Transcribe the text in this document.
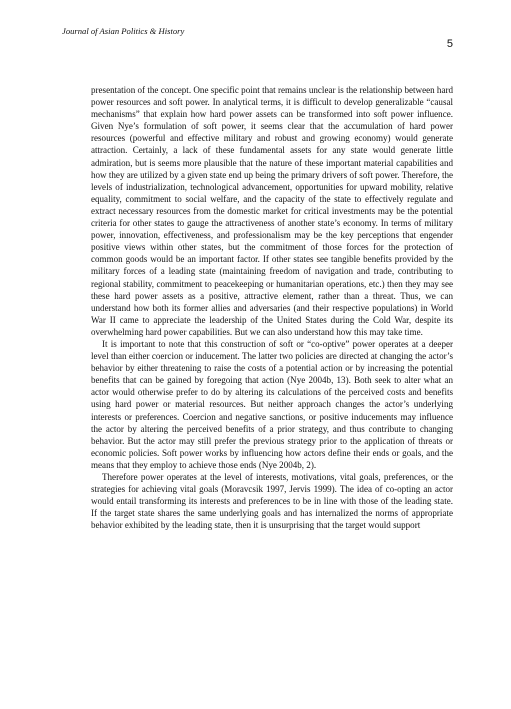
Journal of Asian Politics & History
5

presentation of the concept. One specific point that remains unclear is the relationship between hard power resources and soft power. In analytical terms, it is difficult to develop generalizable “causal mechanisms” that explain how hard power assets can be transformed into soft power influence. Given Nye’s formulation of soft power, it seems clear that the accumulation of hard power resources (powerful and effective military and robust and growing economy) would generate attraction. Certainly, a lack of these fundamental assets for any state would generate little admiration, but is seems more plausible that the nature of these important material capabilities and how they are utilized by a given state end up being the primary drivers of soft power. Therefore, the levels of industrialization, technological advancement, opportunities for upward mobility, relative equality, commitment to social welfare, and the capacity of the state to effectively regulate and extract necessary resources from the domestic market for critical investments may be the potential criteria for other states to gauge the attractiveness of another state’s economy. In terms of military power, innovation, effectiveness, and professionalism may be the key perceptions that engender positive views within other states, but the commitment of those forces for the protection of common goods would be an important factor. If other states see tangible benefits provided by the military forces of a leading state (maintaining freedom of navigation and trade, contributing to regional stability, commitment to peacekeeping or humanitarian operations, etc.) then they may see these hard power assets as a positive, attractive element, rather than a threat. Thus, we can understand how both its former allies and adversaries (and their respective populations) in World War II came to appreciate the leadership of the United States during the Cold War, despite its overwhelming hard power capabilities. But we can also understand how this may take time.

It is important to note that this construction of soft or “co-optive” power operates at a deeper level than either coercion or inducement. The latter two policies are directed at changing the actor’s behavior by either threatening to raise the costs of a potential action or by increasing the potential benefits that can be gained by foregoing that action (Nye 2004b, 13). Both seek to alter what an actor would otherwise prefer to do by altering its calculations of the perceived costs and benefits using hard power or material resources. But neither approach changes the actor’s underlying interests or preferences. Coercion and negative sanctions, or positive inducements may influence the actor by altering the perceived benefits of a prior strategy, and thus contribute to changing behavior. But the actor may still prefer the previous strategy prior to the application of threats or economic policies. Soft power works by influencing how actors define their ends or goals, and the means that they employ to achieve those ends (Nye 2004b, 2).

Therefore power operates at the level of interests, motivations, vital goals, preferences, or the strategies for achieving vital goals (Moravcsik 1997, Jervis 1999). The idea of co-opting an actor would entail transforming its interests and preferences to be in line with those of the leading state. If the target state shares the same underlying goals and has internalized the norms of appropriate behavior exhibited by the leading state, then it is unsurprising that the target would support
